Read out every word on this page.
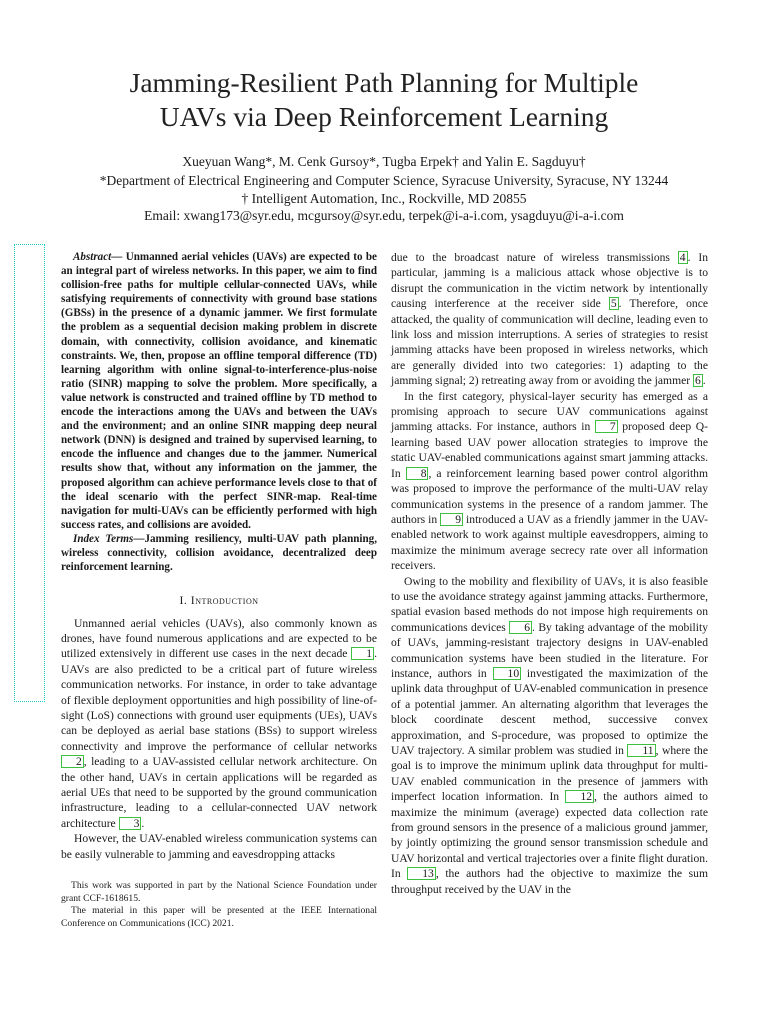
Jamming-Resilient Path Planning for Multiple
UAVs via Deep Reinforcement Learning
Xueyuan Wang*, M. Cenk Gursoy*, Tugba Erpek† and Yalin E. Sagduyu†
*Department of Electrical Engineering and Computer Science, Syracuse University, Syracuse, NY 13244
† Intelligent Automation, Inc., Rockville, MD 20855
Email: xwang173@syr.edu, mcgursoy@syr.edu, terpek@i-a-i.com, ysagduyu@i-a-i.com

Abstract— Unmanned aerial vehicles (UAVs) are expected to be an integral part of wireless networks. In this paper, we aim to find collision-free paths for multiple cellular-connected UAVs, while satisfying requirements of connectivity with ground base stations (GBSs) in the presence of a dynamic jammer. We first formulate the problem as a sequential decision making problem in discrete domain, with connectivity, collision avoidance, and kinematic constraints. We, then, propose an offline temporal difference (TD) learning algorithm with online signal-to-interference-plus-noise ratio (SINR) mapping to solve the problem. More specifically, a value network is constructed and trained offline by TD method to encode the interactions among the UAVs and between the UAVs and the environment; and an online SINR mapping deep neural network (DNN) is designed and trained by supervised learning, to encode the influence and changes due to the jammer. Numerical results show that, without any information on the jammer, the proposed algorithm can achieve performance levels close to that of the ideal scenario with the perfect SINR-map. Real-time navigation for multi-UAVs can be efficiently performed with high success rates, and collisions are avoided.

Index Terms—Jamming resiliency, multi-UAV path planning, wireless connectivity, collision avoidance, decentralized deep reinforcement learning.

I. Introduction

Unmanned aerial vehicles (UAVs), also commonly known as drones, have found numerous applications and are expected to be utilized extensively in different use cases in the next decade 1 . UAVs are also predicted to be a critical part of future wireless communication networks. For instance, in order to take advantage of flexible deployment opportunities and high possibility of line-of-sight (LoS) connections with ground user equipments (UEs), UAVs can be deployed as aerial base stations (BSs) to support wireless connectivity and improve the performance of cellular networks 2 , leading to a UAV-assisted cellular network architecture. On the other hand, UAVs in certain applications will be regarded as aerial UEs that need to be supported by the ground communication infrastructure, leading to a cellular-connected UAV network architecture 3 .

However, the UAV-enabled wireless communication systems can be easily vulnerable to jamming and eavesdropping attacks

This work was supported in part by the National Science Foundation under grant CCF-1618615.

The material in this paper will be presented at the IEEE International Conference on Communications (ICC) 2021.

due to the broadcast nature of wireless transmissions 4 . In particular, jamming is a malicious attack whose objective is to disrupt the communication in the victim network by intentionally causing interference at the receiver side 5 . Therefore, once attacked, the quality of communication will decline, leading even to link loss and mission interruptions. A series of strategies to resist jamming attacks have been proposed in wireless networks, which are generally divided into two categories: 1) adapting to the jamming signal; 2) retreating away from or avoiding the jammer 6 .

In the first category, physical-layer security has emerged as a promising approach to secure UAV communications against jamming attacks. For instance, authors in 7 proposed deep Q-learning based UAV power allocation strategies to improve the static UAV-enabled communications against smart jamming attacks. In 8 , a reinforcement learning based power control algorithm was proposed to improve the performance of the multi-UAV relay communication systems in the presence of a random jammer. The authors in 9 introduced a UAV as a friendly jammer in the UAV-enabled network to work against multiple eavesdroppers, aiming to maximize the minimum average secrecy rate over all information receivers.

Owing to the mobility and flexibility of UAVs, it is also feasible to use the avoidance strategy against jamming attacks. Furthermore, spatial evasion based methods do not impose high requirements on communications devices 6 . By taking advantage of the mobility of UAVs, jamming-resistant trajectory designs in UAV-enabled communication systems have been studied in the literature. For instance, authors in 10 investigated the maximization of the uplink data throughput of UAV-enabled communication in presence of a potential jammer. An alternating algorithm that leverages the block coordinate descent method, successive convex approximation, and S-procedure, was proposed to optimize the UAV trajectory. A similar problem was studied in 11 , where the goal is to improve the minimum uplink data throughput for multi-UAV enabled communication in the presence of jammers with imperfect location information. In 12 , the authors aimed to maximize the minimum (average) expected data collection rate from ground sensors in the presence of a malicious ground jammer, by jointly optimizing the ground sensor transmission schedule and UAV horizontal and vertical trajectories over a finite flight duration. In 13 , the authors had the objective to maximize the sum throughput received by the UAV in the
